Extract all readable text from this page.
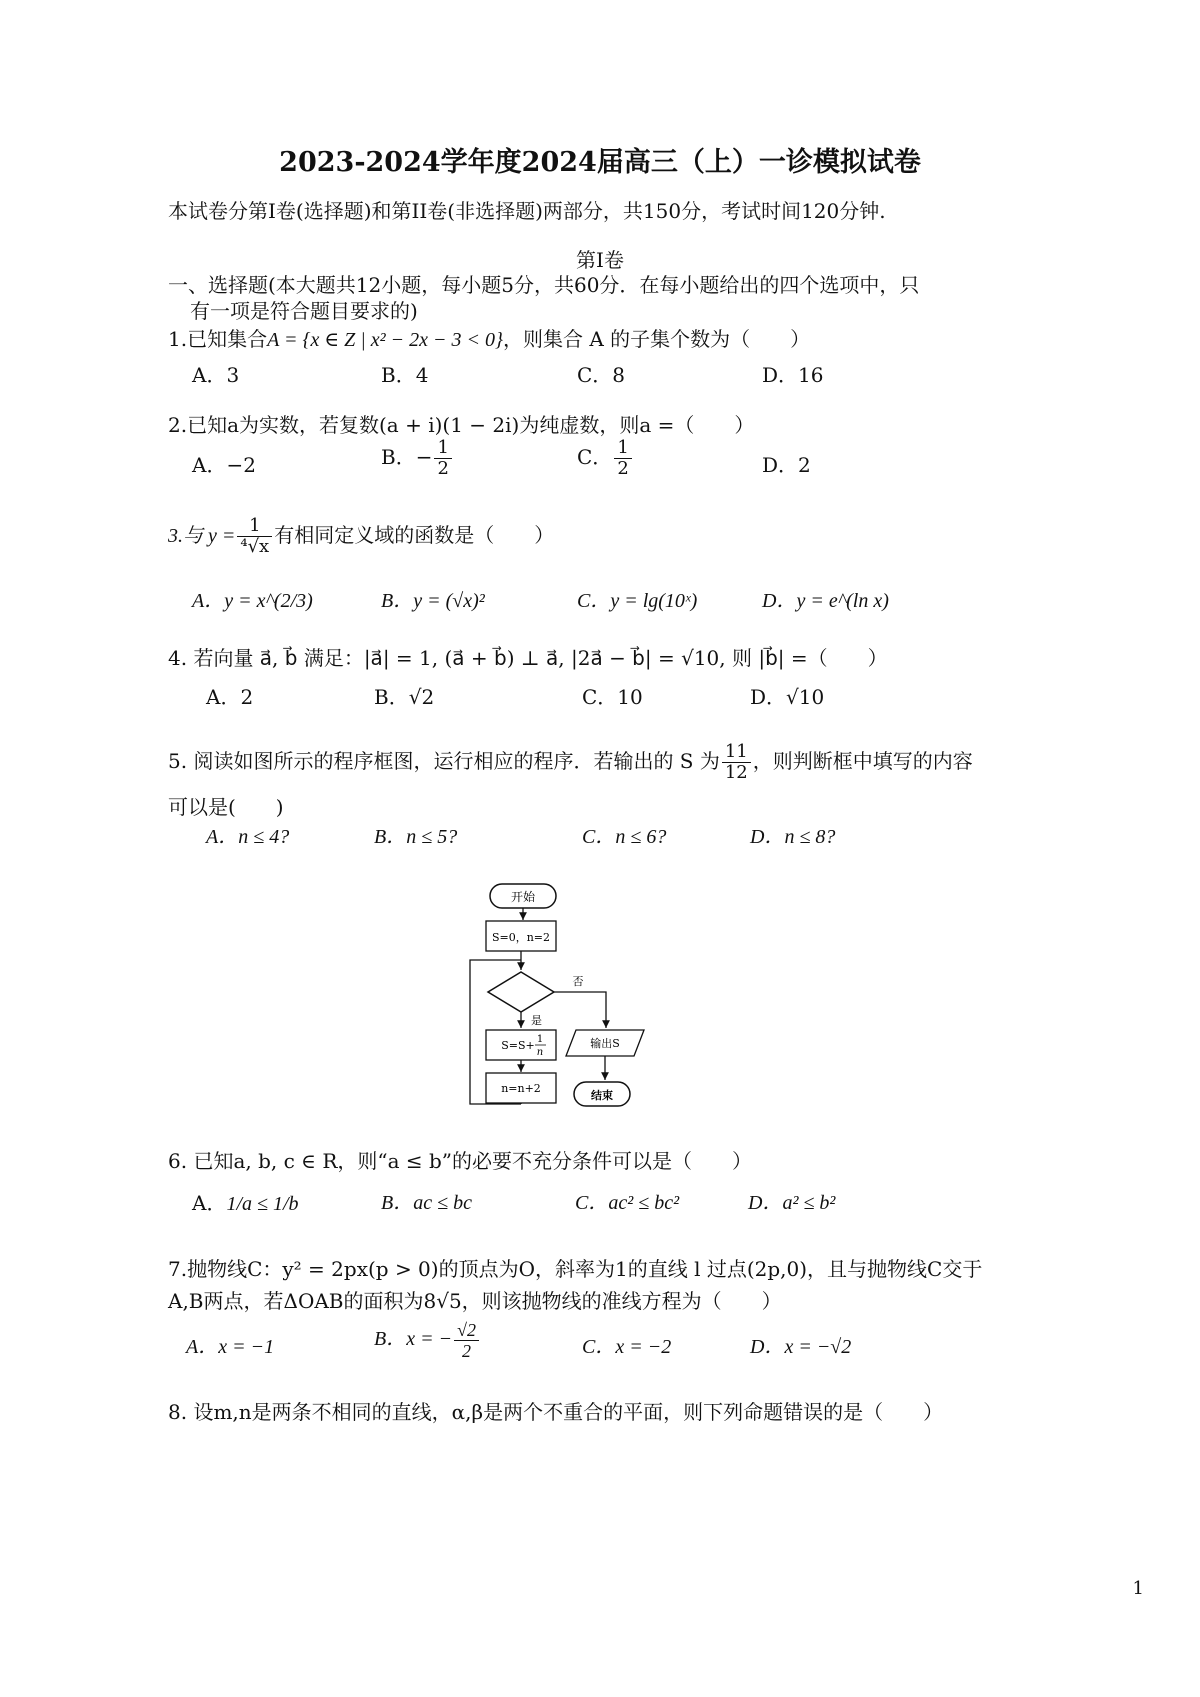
2023-2024学年度2024届高三（上）一诊模拟试卷
本试卷分第Ⅰ卷(选择题)和第II卷(非选择题)两部分，共150分，考试时间120分钟.
第Ⅰ卷
一、选择题(本大题共12小题，每小题5分，共60分．在每小题给出的四个选项中，只
有一项是符合题目要求的)
1.已知集合A = {x ∈ Z | x² − 2x − 3 < 0}，则集合 A 的子集个数为（　　）
A．3	B．4	C．8	D．16
2.已知a为实数，若复数(a + i)(1 − 2i)为纯虚数，则a =（　　）
A．−2	B．− $\frac{1}{2}$	C． $\frac{1}{2}$	D．2
3.与 $y = \frac{1}{\text{⁴√x}}$ 有相同定义域的函数是（　　）
A．y = x^(2/3)	B．y = (√x)²	C．y = lg(10ˣ)	D．y = e^(ln x)
4. 若向量 a⃗, b⃗ 满足：|a⃗| = 1, (a⃗ + b⃗) ⊥ a⃗, |2a⃗ − b⃗| = √10, 则 |b⃗| =（　　）
A．2	B．√2	C．10	D．√10
5. 阅读如图所示的程序框图，运行相应的程序．若输出的 S 为 $\frac{11}{12}$ ，则判断框中填写的内容
可以是(　　)
A．n ≤ 4?	B．n ≤ 5?	C．n ≤ 6?	D．n ≤ 8?
开始
S=0，n=2
否
是
S=S+ 1
n
n=n+2
输出S
结束
6. 已知a, b, c ∈ R，则“a ≤ b”的必要不充分条件可以是（　　）
A．1/a ≤ 1/b	B．ac ≤ bc	C．ac² ≤ bc²	D．a² ≤ b²
7.抛物线C：y² = 2px(p > 0)的顶点为O，斜率为1的直线 l 过点(2p,0)，且与抛物线C交于
A,B两点，若ΔOAB的面积为8√5，则该抛物线的准线方程为（　　）
A．x = −1	B．x = − $\frac{√2}{2}$	C．x = −2	D．x = −√2
8. 设m,n是两条不相同的直线，α,β是两个不重合的平面，则下列命题错误的是（　　）
1
